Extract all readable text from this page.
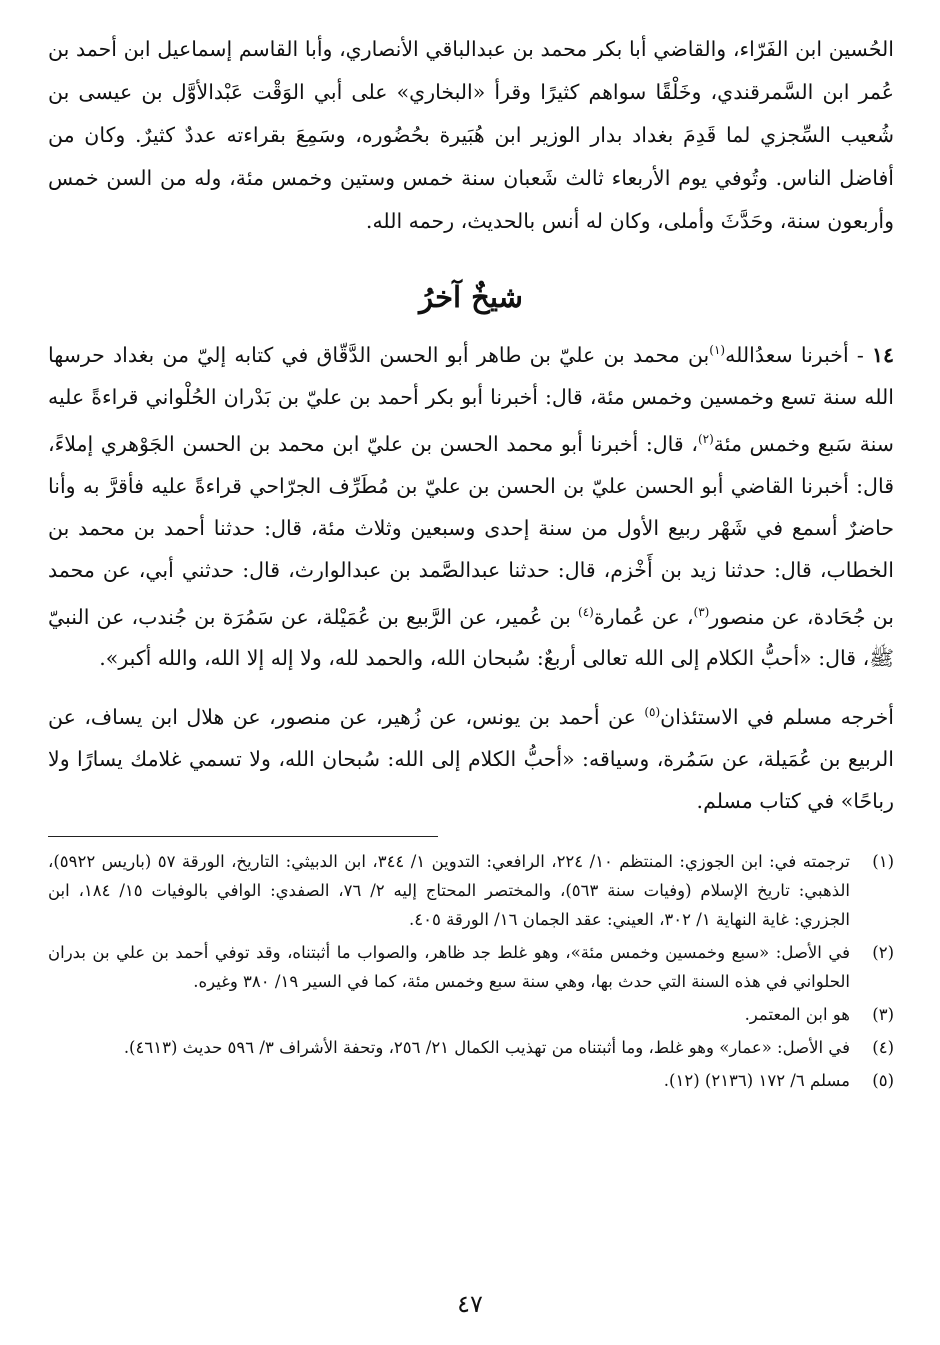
الحُسين ابن الفَرّاء، والقاضي أبا بكر محمد بن عبدالباقي الأنصاري، وأبا القاسم إسماعيل ابن أحمد بن عُمر ابن السَّمرقندي، وخَلْقًا سواهم كثيرًا وقرأ «البخاري» على أبي الوَقْت عَبْدالأوَّل بن عيسى بن شُعيب السِّجزي لما قَدِمَ بغداد بدار الوزير ابن هُبَيرة بحُضُوره، وسَمِعَ بقراءته عددٌ كثيرٌ. وكان من أفاضل الناس. وتُوفي يوم الأربعاء ثالث شَعبان سنة خمس وستين وخمس مئة، وله من السن خمس وأربعون سنة، وحَدَّثَ وأملى، وكان له أنس بالحديث، رحمه الله.

شيخٌ آخرُ

١٤ - أخبرنا سعدُالله$^{(١)}$بن محمد بن عليّ بن طاهر أبو الحسن الدَّقّاق في كتابه إليّ من بغداد حرسها الله سنة تسع وخمسين وخمس مئة، قال: أخبرنا أبو بكر أحمد بن عليّ بن بَدْران الحُلْواني قراءةً عليه سنة سَبع وخمس مئة$^{(٢)}$، قال: أخبرنا أبو محمد الحسن بن عليّ ابن محمد بن الحسن الجَوْهري إملاءً، قال: أخبرنا القاضي أبو الحسن عليّ بن الحسن بن عليّ بن مُطَرِّف الجرّاحي قراءةً عليه فأقرَّ به وأنا حاضرٌ أسمع في شَهْر ربيع الأول من سنة إحدى وسبعين وثلاث مئة، قال: حدثنا أحمد بن محمد بن الخطاب، قال: حدثنا زيد بن أَخْزم، قال: حدثنا عبدالصَّمد بن عبدالوارث، قال: حدثني أبي، عن محمد بن جُحَادة، عن منصور$^{(٣)}$، عن عُمارة$^{(٤)}$ بن عُمير، عن الرَّبيع بن عُمَيْلة، عن سَمُرَة بن جُندب، عن النبيّ ﷺ، قال: «أحبُّ الكلام إلى الله تعالى أربعٌ: سُبحان الله، والحمد لله، ولا إله إلا الله، والله أكبر».

أخرجه مسلم في الاستئذان$^{(٥)}$ عن أحمد بن يونس، عن زُهير، عن منصور، عن هلال ابن يساف، عن الربيع بن عُمَيلة، عن سَمُرة، وسياقه: «أحبُّ الكلام إلى الله: سُبحان الله، ولا تسمي غلامك يسارًا ولا رباحًا» في كتاب مسلم.

(١)
ترجمته في: ابن الجوزي: المنتظم ١٠/ ٢٢٤، الرافعي: التدوين ١/ ٣٤٤، ابن الدبيثي: التاريخ، الورقة ٥٧ (باريس ٥٩٢٢)، الذهبي: تاريخ الإسلام (وفيات سنة ٥٦٣)، والمختصر المحتاج إليه ٢/ ٧٦، الصفدي: الوافي بالوفيات ١٥/ ١٨٤، ابن الجزري: غاية النهاية ١/ ٣٠٢، العيني: عقد الجمان ١٦/ الورقة ٤٠٥.
(٢)
في الأصل: «سبع وخمسين وخمس مئة»، وهو غلط جد ظاهر، والصواب ما أثبتناه، وقد توفي أحمد بن علي بن بدران الحلواني في هذه السنة التي حدث بها، وهي سنة سبع وخمس مئة، كما في السير ١٩/ ٣٨٠ وغيره.
(٣)
هو ابن المعتمر.
(٤)
في الأصل: «عمار» وهو غلط، وما أثبتناه من تهذيب الكمال ٢١/ ٢٥٦، وتحفة الأشراف ٣/ ٥٩٦ حديث (٤٦١٣).
(٥)
مسلم ٦/ ١٧٢ (٢١٣٦) (١٢).
٤٧
